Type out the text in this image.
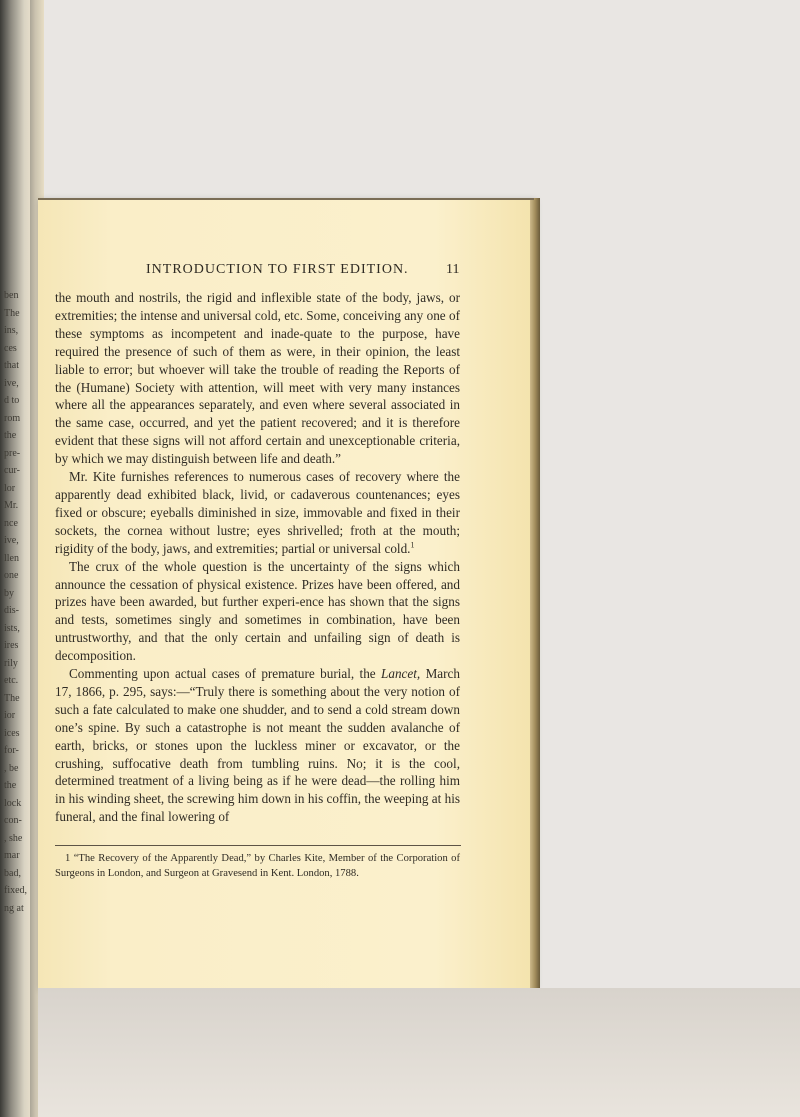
ben
The
ins,
ces
that
ive,
d to
rom
the
pre-
cur-
lor
Mr.
nce
ive,
llen
one
by
dis-
ists,
ires
rily
etc.
The
ior
ices
for-
, be
the
lock
con-
, she
mar
bad,
fixed,
ng at
INTRODUCTION TO FIRST EDITION.	11

the mouth and nostrils, the rigid and inflexible state of the body, jaws, or extremities; the intense and universal cold, etc. Some, conceiving any one of these symptoms as incompetent and inade-quate to the purpose, have required the presence of such of them as were, in their opinion, the least liable to error; but whoever will take the trouble of reading the Reports of the (Humane) Society with attention, will meet with very many instances where all the appearances separately, and even where several associated in the same case, occurred, and yet the patient recovered; and it is therefore evident that these signs will not afford certain and unexceptionable criteria, by which we may distinguish between life and death.”

Mr. Kite furnishes references to numerous cases of recovery where the apparently dead exhibited black, livid, or cadaverous countenances; eyes fixed or obscure; eyeballs diminished in size, immovable and fixed in their sockets, the cornea without lustre; eyes shrivelled; froth at the mouth; rigidity of the body, jaws, and extremities; partial or universal cold.$^1$

The crux of the whole question is the uncertainty of the signs which announce the cessation of physical existence. Prizes have been offered, and prizes have been awarded, but further experi-ence has shown that the signs and tests, sometimes singly and sometimes in combination, have been untrustworthy, and that the only certain and unfailing sign of death is decomposition.

Commenting upon actual cases of premature burial, the Lancet, March 17, 1866, p. 295, says:—“Truly there is something about the very notion of such a fate calculated to make one shudder, and to send a cold stream down one’s spine. By such a catastrophe is not meant the sudden avalanche of earth, bricks, or stones upon the luckless miner or excavator, or the crushing, suffocative death from tumbling ruins. No; it is the cool, determined treatment of a living being as if he were dead—the rolling him in his winding sheet, the screwing him down in his coffin, the weeping at his funeral, and the final lowering of

1 “The Recovery of the Apparently Dead,” by Charles Kite, Member of the Corporation of Surgeons in London, and Surgeon at Gravesend in Kent. London, 1788.
